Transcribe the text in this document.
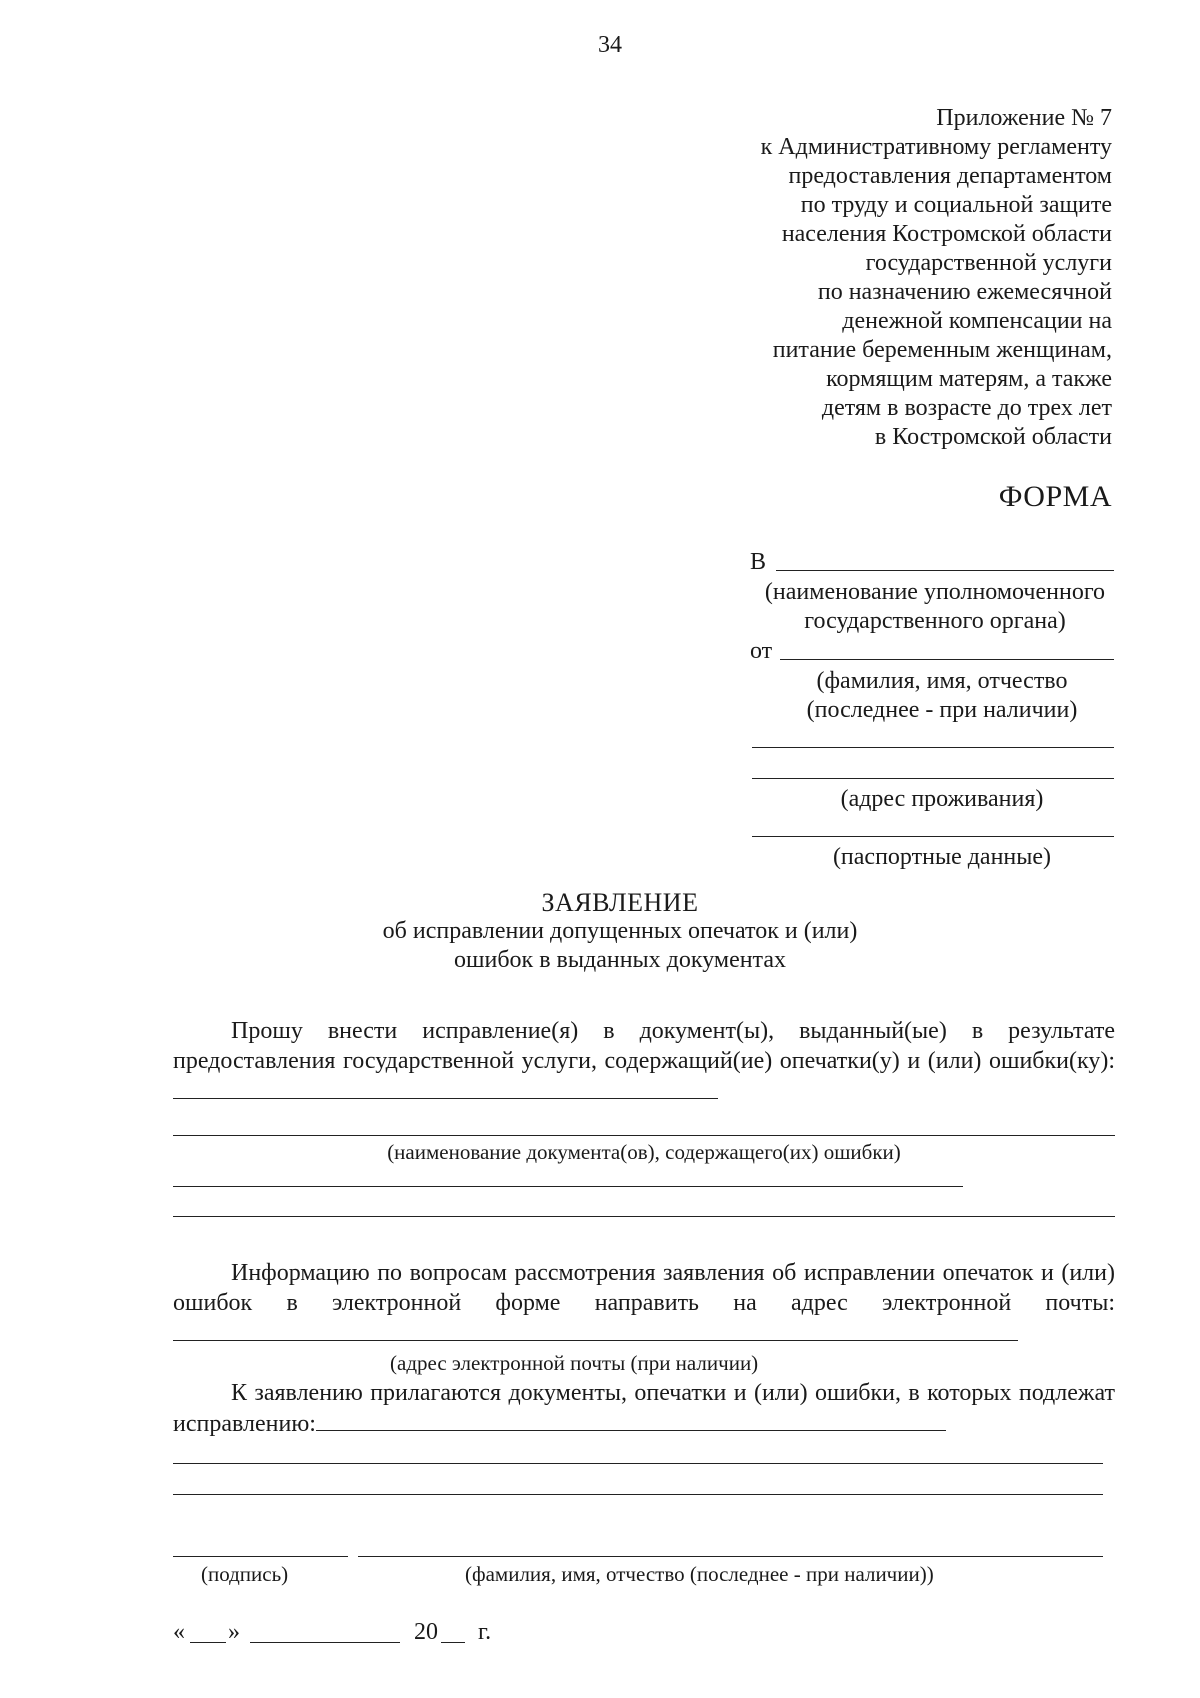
34
Приложение № 7
к Административному регламенту
предоставления департаментом
по труду и социальной защите
населения Костромской области
государственной услуги
по назначению ежемесячной
денежной компенсации на
питание беременным женщинам,
кормящим матерям, а также
детям в возрасте до трех лет
в Костромской области
ФОРМА
В
(наименование уполномоченного
государственного органа)
от
(фамилия, имя, отчество
(последнее - при наличии)
(адрес проживания)
(паспортные данные)
ЗАЯВЛЕНИЕ
об исправлении допущенных опечаток и (или)
ошибок в выданных документах
Прошу внести исправление(я) в документ(ы), выданный(ые) в результате предоставления государственной услуги, содержащий(ие) опечатки(у) и (или) ошибки(ку):
(наименование документа(ов), содержащего(их) ошибки)
Информацию по вопросам рассмотрения заявления об исправлении опечаток и (или) ошибок в электронной форме направить на адрес электронной почты:
(адрес электронной почты (при наличии)
К заявлению прилагаются документы, опечатки и (или) ошибки, в которых подлежат исправлению:
(подпись)	(фамилия, имя, отчество (последнее - при наличии))
« »	20 г.
